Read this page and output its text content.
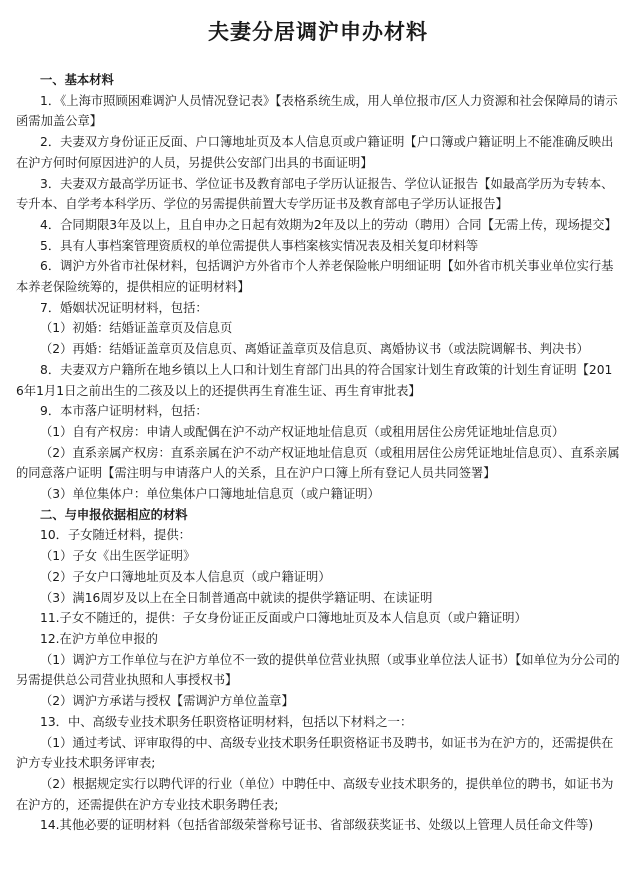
夫妻分居调沪申办材料

一、基本材料

1．《上海市照顾困难调沪人员情况登记表》【表格系统生成，用人单位报市/区人力资源和社会保障局的请示函需加盖公章】

2．夫妻双方身份证正反面、户口簿地址页及本人信息页或户籍证明【户口簿或户籍证明上不能准确反映出在沪方何时何原因进沪的人员，另提供公安部门出具的书面证明】

3．夫妻双方最高学历证书、学位证书及教育部电子学历认证报告、学位认证报告【如最高学历为专转本、专升本、自学考本科学历、学位的另需提供前置大专学历证书及教育部电子学历认证报告】

4．合同期限3年及以上，且自申办之日起有效期为2年及以上的劳动（聘用）合同【无需上传，现场提交】

5．具有人事档案管理资质权的单位需提供人事档案核实情况表及相关复印材料等

6．调沪方外省市社保材料，包括调沪方外省市个人养老保险帐户明细证明【如外省市机关事业单位实行基本养老保险统筹的，提供相应的证明材料】

7．婚姻状况证明材料，包括：

（1）初婚：结婚证盖章页及信息页

（2）再婚：结婚证盖章页及信息页、离婚证盖章页及信息页、离婚协议书（或法院调解书、判决书）

8．夫妻双方户籍所在地乡镇以上人口和计划生育部门出具的符合国家计划生育政策的计划生育证明【2016年1月1日之前出生的二孩及以上的还提供再生育准生证、再生育审批表】

9．本市落户证明材料，包括：

（1）自有产权房：申请人或配偶在沪不动产权证地址信息页（或租用居住公房凭证地址信息页）

（2）直系亲属产权房：直系亲属在沪不动产权证地址信息页（或租用居住公房凭证地址信息页）、直系亲属的同意落户证明【需注明与申请落户人的关系，且在沪户口簿上所有登记人员共同签署】

（3）单位集体户：单位集体户口簿地址信息页（或户籍证明）

二、与申报依据相应的材料

10．子女随迁材料，提供：

（1）子女《出生医学证明》

（2）子女户口簿地址页及本人信息页（或户籍证明）

（3）满16周岁及以上在全日制普通高中就读的提供学籍证明、在读证明

11.子女不随迁的，提供：子女身份证正反面或户口簿地址页及本人信息页（或户籍证明）

12.在沪方单位申报的

（1）调沪方工作单位与在沪方单位不一致的提供单位营业执照（或事业单位法人证书）【如单位为分公司的另需提供总公司营业执照和人事授权书】

（2）调沪方承诺与授权【需调沪方单位盖章】

13．中、高级专业技术职务任职资格证明材料，包括以下材料之一：

（1）通过考试、评审取得的中、高级专业技术职务任职资格证书及聘书，如证书为在沪方的，还需提供在沪方专业技术职务评审表;

（2）根据规定实行以聘代评的行业（单位）中聘任中、高级专业技术职务的，提供单位的聘书，如证书为在沪方的，还需提供在沪方专业技术职务聘任表;

14.其他必要的证明材料（包括省部级荣誉称号证书、省部级获奖证书、处级以上管理人员任命文件等)
